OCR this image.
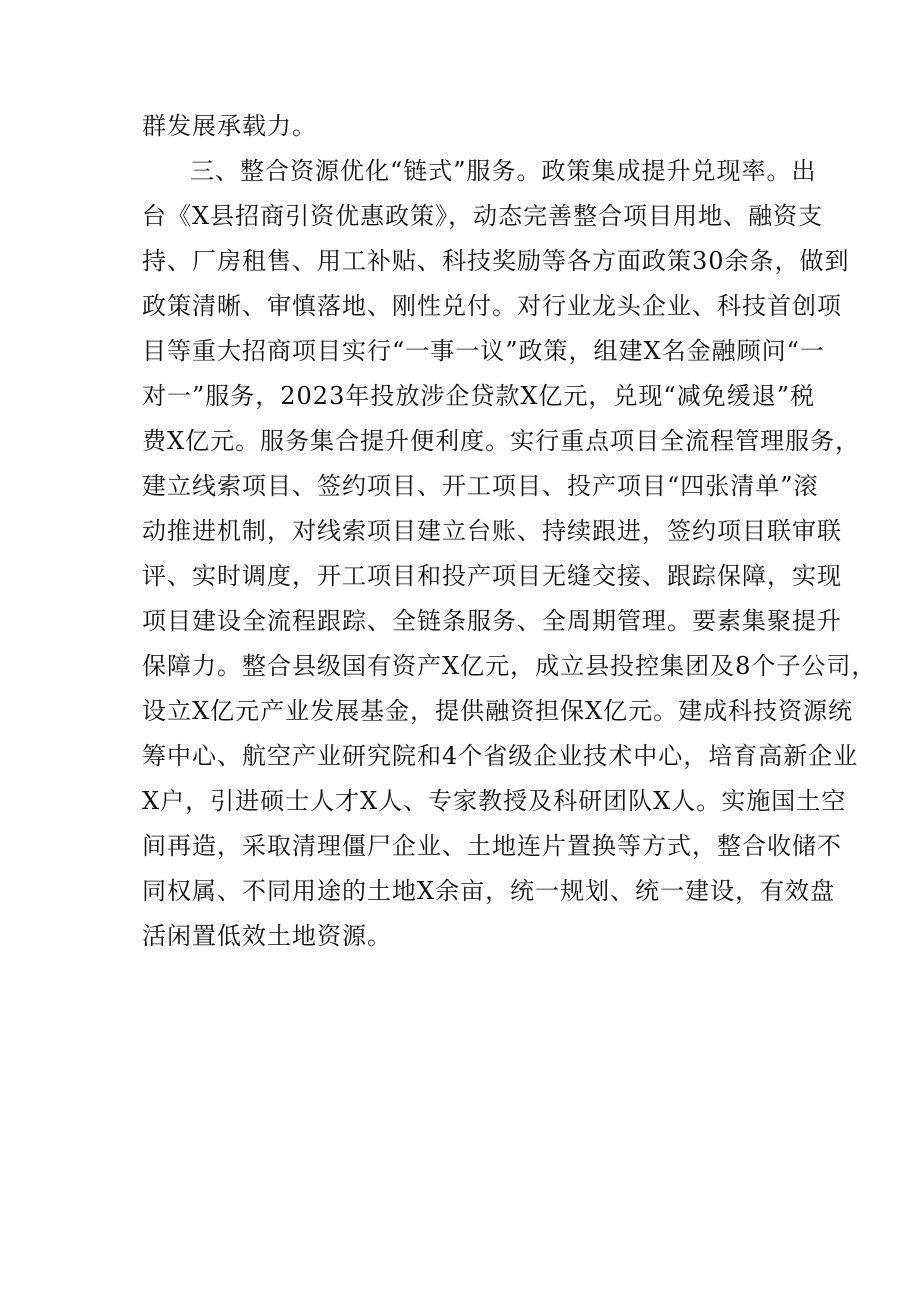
群发展承载力。
三、整合资源优化“链式”服务。政策集成提升兑现率。出
台《X县招商引资优惠政策》，动态完善整合项目用地、融资支
持、厂房租售、用工补贴、科技奖励等各方面政策30余条，做到
政策清晰、审慎落地、刚性兑付。对行业龙头企业、科技首创项
目等重大招商项目实行“一事一议”政策，组建X名金融顾问“一
对一”服务，2023年投放涉企贷款X亿元，兑现“减免缓退”税
费X亿元。服务集合提升便利度。实行重点项目全流程管理服务，
建立线索项目、签约项目、开工项目、投产项目“四张清单”滚
动推进机制，对线索项目建立台账、持续跟进，签约项目联审联
评、实时调度，开工项目和投产项目无缝交接、跟踪保障，实现
项目建设全流程跟踪、全链条服务、全周期管理。要素集聚提升
保障力。整合县级国有资产X亿元，成立县投控集团及8个子公司，
设立X亿元产业发展基金，提供融资担保X亿元。建成科技资源统
筹中心、航空产业研究院和4个省级企业技术中心，培育高新企业
X户，引进硕士人才X人、专家教授及科研团队X人。实施国土空
间再造，采取清理僵尸企业、土地连片置换等方式，整合收储不
同权属、不同用途的土地X余亩，统一规划、统一建设，有效盘
活闲置低效土地资源。
